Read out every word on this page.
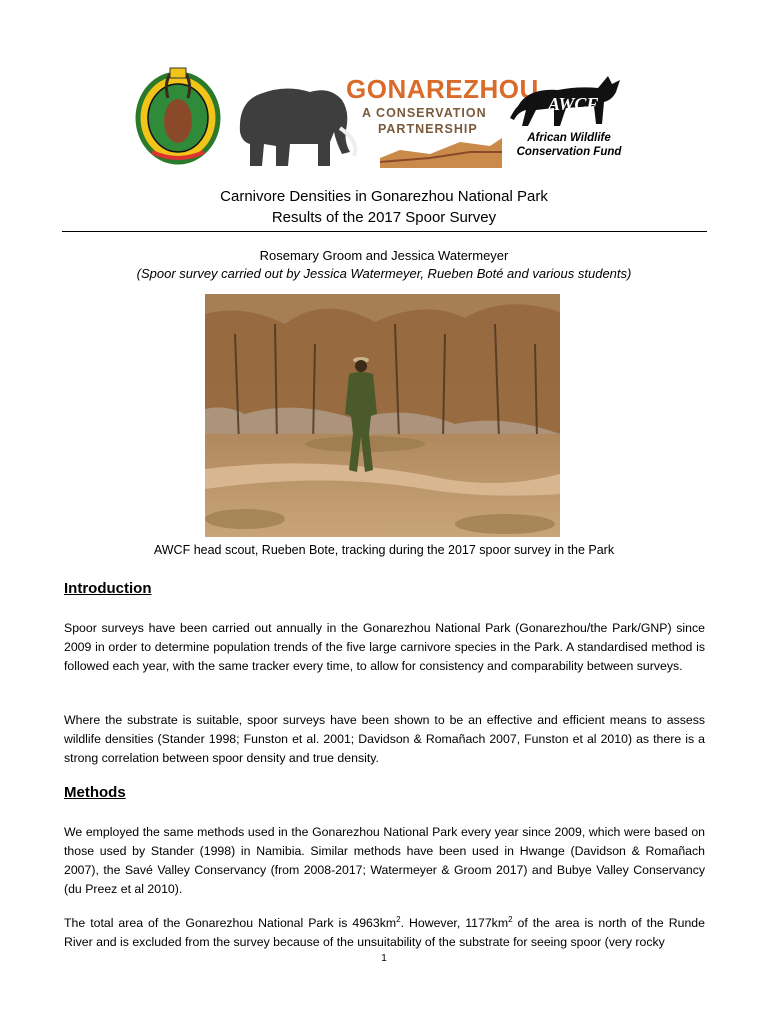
GONAREZHOU
A CONSERVATION
PARTNERSHIP
AWCF
African Wildlife
Conservation Fund
Carnivore Densities in Gonarezhou National Park
Results of the 2017 Spoor Survey
Rosemary Groom and Jessica Watermeyer
(Spoor survey carried out by Jessica Watermeyer, Rueben Boté and various students)
AWCF head scout, Rueben Bote, tracking during the 2017 spoor survey in the Park
Introduction
Spoor surveys have been carried out annually in the Gonarezhou National Park (Gonarezhou/the Park/GNP) since 2009 in order to determine population trends of the five large carnivore species in the Park. A standardised method is followed each year, with the same tracker every time, to allow for consistency and comparability between surveys.
Where the substrate is suitable, spoor surveys have been shown to be an effective and efficient means to assess wildlife densities (Stander 1998; Funston et al. 2001; Davidson & Romañach 2007, Funston et al 2010) as there is a strong correlation between spoor density and true density.
Methods
We employed the same methods used in the Gonarezhou National Park every year since 2009, which were based on those used by Stander (1998) in Namibia. Similar methods have been used in Hwange (Davidson & Romañach 2007), the Savé Valley Conservancy (from 2008-2017; Watermeyer & Groom 2017) and Bubye Valley Conservancy (du Preez et al 2010).
The total area of the Gonarezhou National Park is $4963km^2$. However, $1177km^2$ of the area is north of the Runde River and is excluded from the survey because of the unsuitability of the substrate for seeing spoor (very rocky
1
